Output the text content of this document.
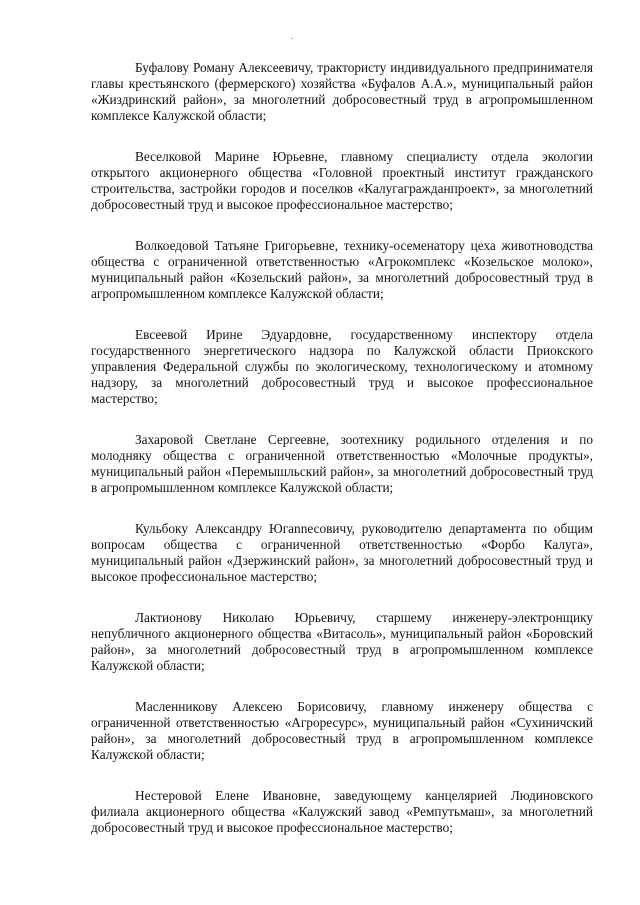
Буфалову Роману Алексеевичу, трактористу индивидуального предпринимателя главы крестьянского (фермерского) хозяйства «Буфалов А.А.», муниципальный район «Жиздринский район», за многолетний добросовестный труд в агропромышленном комплексе Калужской области;

Веселковой Марине Юрьевне, главному специалисту отдела экологии открытого акционерного общества «Головной проектный институт гражданского строительства, застройки городов и поселков «Калугагражданпроект», за многолетний добросовестный труд и высокое профессиональное мастерство;

Волкоедовой Татьяне Григорьевне, технику-осеменатору цеха животноводства общества с ограниченной ответственностью «Агрокомплекс «Козельское молоко», муниципальный район «Козельский район», за многолетний добросовестный труд в агропромышленном комплексе Калужской области;

Евсеевой Ирине Эдуардовне, государственному инспектору отдела государственного энергетического надзора по Калужской области Приокского управления Федеральной службы по экологическому, технологическому и атомному надзору, за многолетний добросовестный труд и высокое профессиональное мастерство;

Захаровой Светлане Сергеевне, зоотехнику родильного отделения и по молодняку общества с ограниченной ответственностью «Молочные продукты», муниципальный район «Перемышльский район», за многолетний добросовестный труд в агропромышленном комплексе Калужской области;

Кульбоку Александру Югannесовичу, руководителю департамента по общим вопросам общества с ограниченной ответственностью «Форбо Калуга», муниципальный район «Дзержинский район», за многолетний добросовестный труд и высокое профессиональное мастерство;

Лактионову Николаю Юрьевичу, старшему инженеру-электронщику непубличного акционерного общества «Витасоль», муниципальный район «Боровский район», за многолетний добросовестный труд в агропромышленном комплексе Калужской области;

Масленникову Алексею Борисовичу, главному инженеру общества с ограниченной ответственностью «Агроресурс», муниципальный район «Сухиничский район», за многолетний добросовестный труд в агропромышленном комплексе Калужской области;

Нестеровой Елене Ивановне, заведующему канцелярией Людиновского филиала акционерного общества «Калужский завод «Ремпутьмаш», за многолетний добросовестный труд и высокое профессиональное мастерство;
